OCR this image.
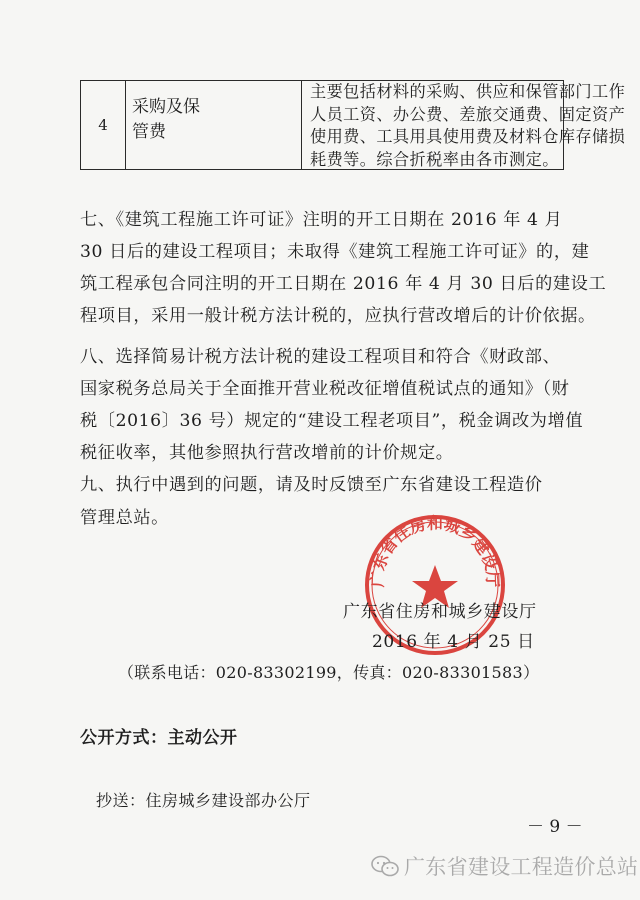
4
采购及保
管费
主要包括材料的采购、供应和保管部门工作
人员工资、办公费、差旅交通费、固定资产
使用费、工具用具使用费及材料仓库存储损
耗费等。综合折税率由各市测定。
七、《建筑工程施工许可证》注明的开工日期在 2016 年 4 月
30 日后的建设工程项目；未取得《建筑工程施工许可证》的，建
筑工程承包合同注明的开工日期在 2016 年 4 月 30 日后的建设工
程项目，采用一般计税方法计税的，应执行营改增后的计价依据。
八、选择简易计税方法计税的建设工程项目和符合《财政部、
国家税务总局关于全面推开营业税改征增值税试点的通知》（财
税〔2016〕36 号）规定的“建设工程老项目”，税金调改为增值
税征收率，其他参照执行营改增前的计价规定。
九、执行中遇到的问题，请及时反馈至广东省建设工程造价
管理总站。
广东省住房和城乡建设厅
广东省住房和城乡建设厅
2016 年 4 月 25 日
（联系电话：020-83302199，传真：020-83301583）
公开方式：主动公开
抄送：住房城乡建设部办公厅
－ 9 －
广东省建设工程造价总站
